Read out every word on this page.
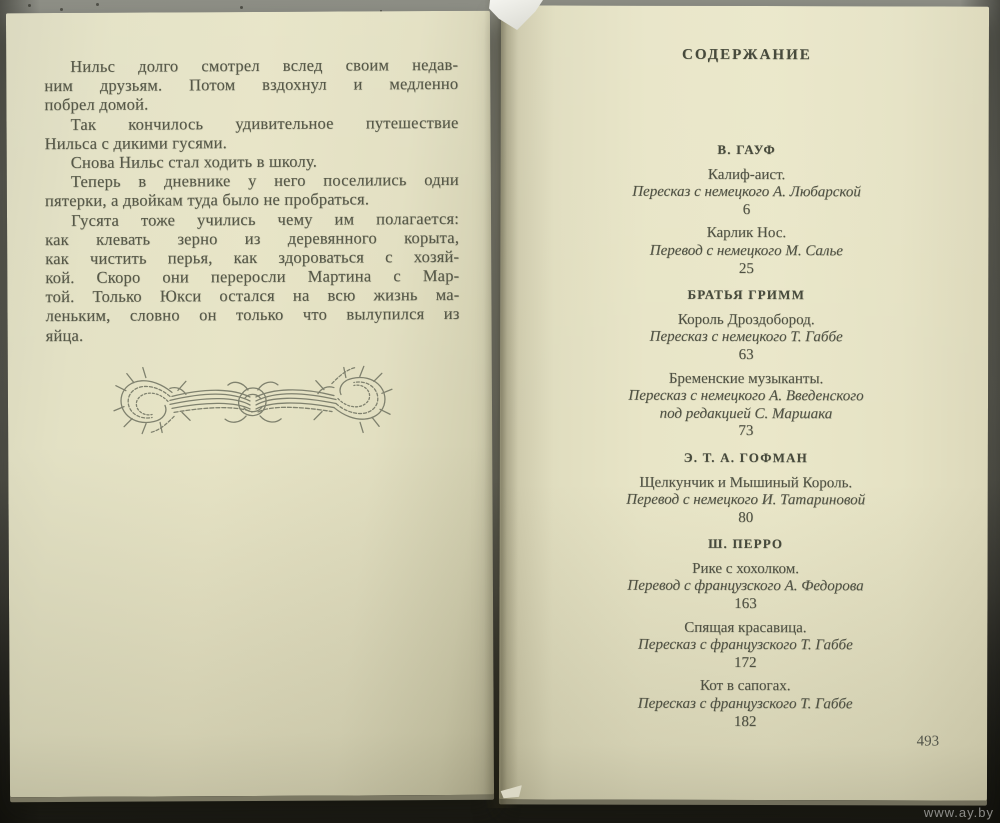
Нильс долго смотрел вслед своим недав-
ним друзьям. Потом вздохнул и медленно
побрел домой.
Так кончилось удивительное путешествие
Нильса с дикими гусями.
Снова Нильс стал ходить в школу.
Теперь в дневнике у него поселились одни
пятерки, а двойкам туда было не пробраться.
Гусята тоже учились чему им полагается:
как клевать зерно из деревянного корыта,
как чистить перья, как здороваться с хозяй-
кой. Скоро они переросли Мартина с Мар-
той. Только Юкси остался на всю жизнь ма-
леньким, словно он только что вылупился из
яйца.
СОДЕРЖАНИЕ
В. ГАУФ
Калиф-аист.
Пересказ с немецкого А. Любарской
6
Карлик Нос.
Перевод с немецкого М. Салье
25
БРАТЬЯ ГРИММ
Король Дроздобород.
Пересказ с немецкого Т. Габбе
63
Бременские музыканты.
Пересказ с немецкого А. Введенского
под редакцией С. Маршака
73
Э. Т. А. ГОФМАН
Щелкунчик и Мышиный Король.
Перевод с немецкого И. Татариновой
80
Ш. ПЕРРО
Рике с хохолком.
Перевод с французского А. Федорова
163
Спящая красавица.
Пересказ с французского Т. Габбе
172
Кот в сапогах.
Пересказ с французского Т. Габбе
182
493
www.ay.by
